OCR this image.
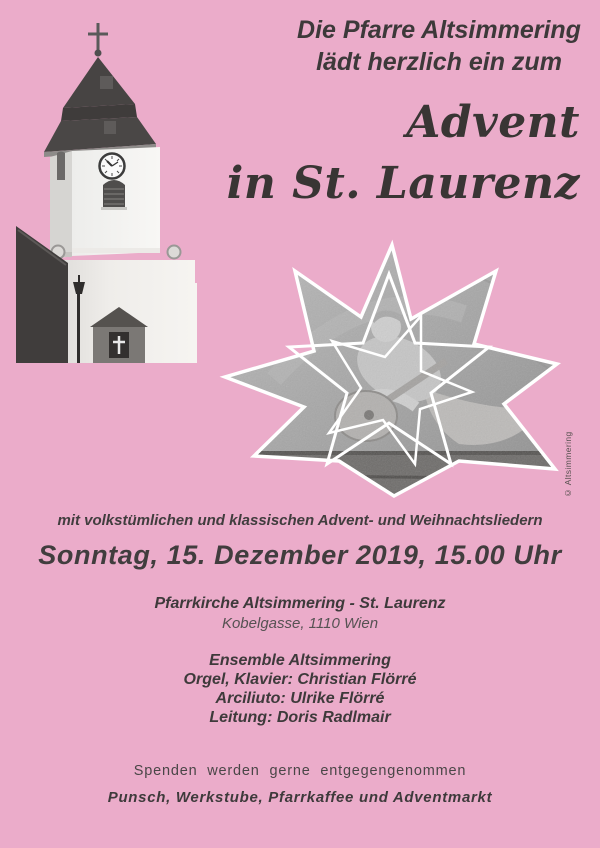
Die Pfarre Altsimmering
lädt herzlich ein zum
Advent
in St. Laurenz
© Altsimmering
mit volkstümlichen und klassischen Advent- und Weihnachtsliedern
Sonntag, 15. Dezember 2019, 15.00 Uhr
Pfarrkirche Altsimmering - St. Laurenz
Kobelgasse, 1110 Wien
Ensemble Altsimmering
Orgel, Klavier: Christian Flörré
Arciliuto: Ulrike Flörré
Leitung: Doris Radlmair
Spenden werden gerne entgegengenommen
Punsch, Werkstube, Pfarrkaffee und Adventmarkt
